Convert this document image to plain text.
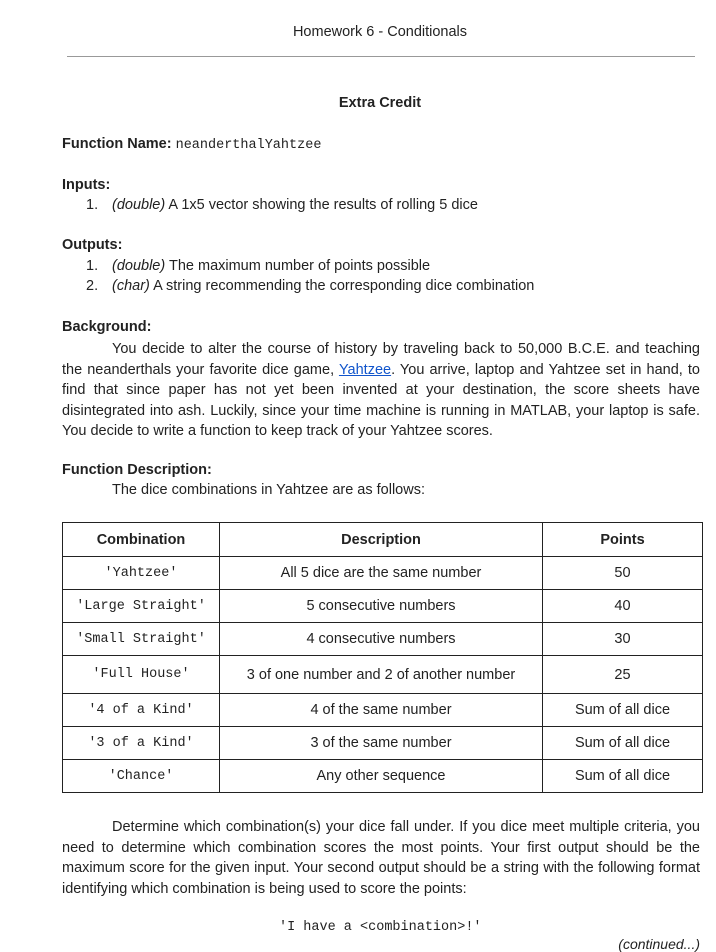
Homework 6 - Conditionals
Extra Credit
Function Name: neanderthalYahtzee
Inputs:
1. (double) A 1x5 vector showing the results of rolling 5 dice
Outputs:
1. (double) The maximum number of points possible
2. (char) A string recommending the corresponding dice combination
Background:
You decide to alter the course of history by traveling back to 50,000 B.C.E. and teaching the neanderthals your favorite dice game, Yahtzee. You arrive, laptop and Yahtzee set in hand, to find that since paper has not yet been invented at your destination, the score sheets have disintegrated into ash. Luckily, since your time machine is running in MATLAB, your laptop is safe. You decide to write a function to keep track of your Yahtzee scores.
Function Description:
The dice combinations in Yahtzee are as follows:
Combination	Description	Points
'Yahtzee'	All 5 dice are the same number	50
'Large Straight'	5 consecutive numbers	40
'Small Straight'	4 consecutive numbers	30
'Full House'	3 of one number and 2 of another number	25
'4 of a Kind'	4 of the same number	Sum of all dice
'3 of a Kind'	3 of the same number	Sum of all dice
'Chance'	Any other sequence	Sum of all dice
Determine which combination(s) your dice fall under. If you dice meet multiple criteria, you need to determine which combination scores the most points. Your first output should be the maximum score for the given input. Your second output should be a string with the following format identifying which combination is being used to score the points:
'I have a <combination>!'
(continued...)
